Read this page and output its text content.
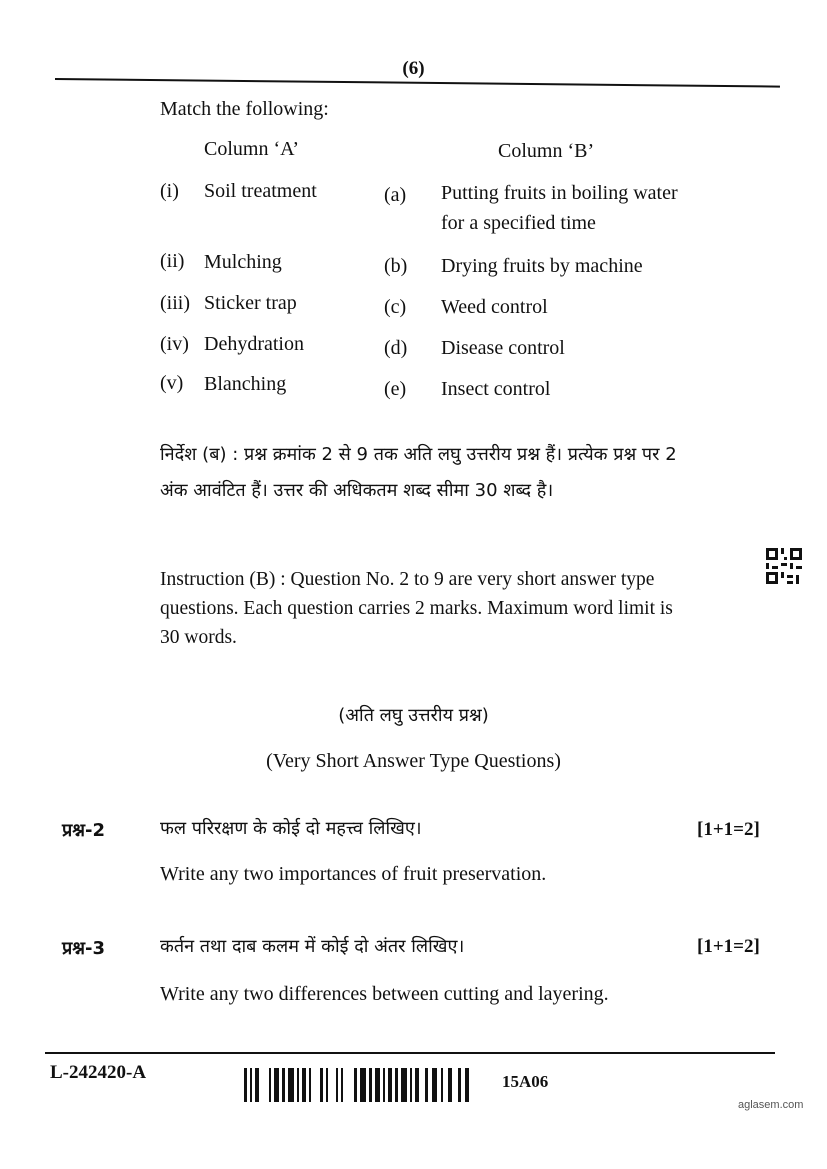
(6)
Match the following:
Column ‘A’	Column ‘B’
(i) Soil treatment	(a) Putting fruits in boiling water for a specified time
(ii) Mulching	(b) Drying fruits by machine
(iii) Sticker trap	(c) Weed control
(iv) Dehydration	(d) Disease control
(v) Blanching	(e) Insect control
निर्देश (ब) : प्रश्न क्रमांक 2 से 9 तक अति लघु उत्तरीय प्रश्न हैं। प्रत्येक प्रश्न पर 2 अंक आवंटित हैं। उत्तर की अधिकतम शब्द सीमा 30 शब्द है।
Instruction (B) : Question No. 2 to 9 are very short answer type questions. Each question carries 2 marks. Maximum word limit is 30 words.
(अति लघु उत्तरीय प्रश्न)
(Very Short Answer Type Questions)
प्रश्न-2	फल परिरक्षण के कोई दो महत्त्व लिखिए।	[1+1=2]
Write any two importances of fruit preservation.
प्रश्न-3	कर्तन तथा दाब कलम में कोई दो अंतर लिखिए।	[1+1=2]
Write any two differences between cutting and layering.
L-242420-A	15A06
aglasem.com
